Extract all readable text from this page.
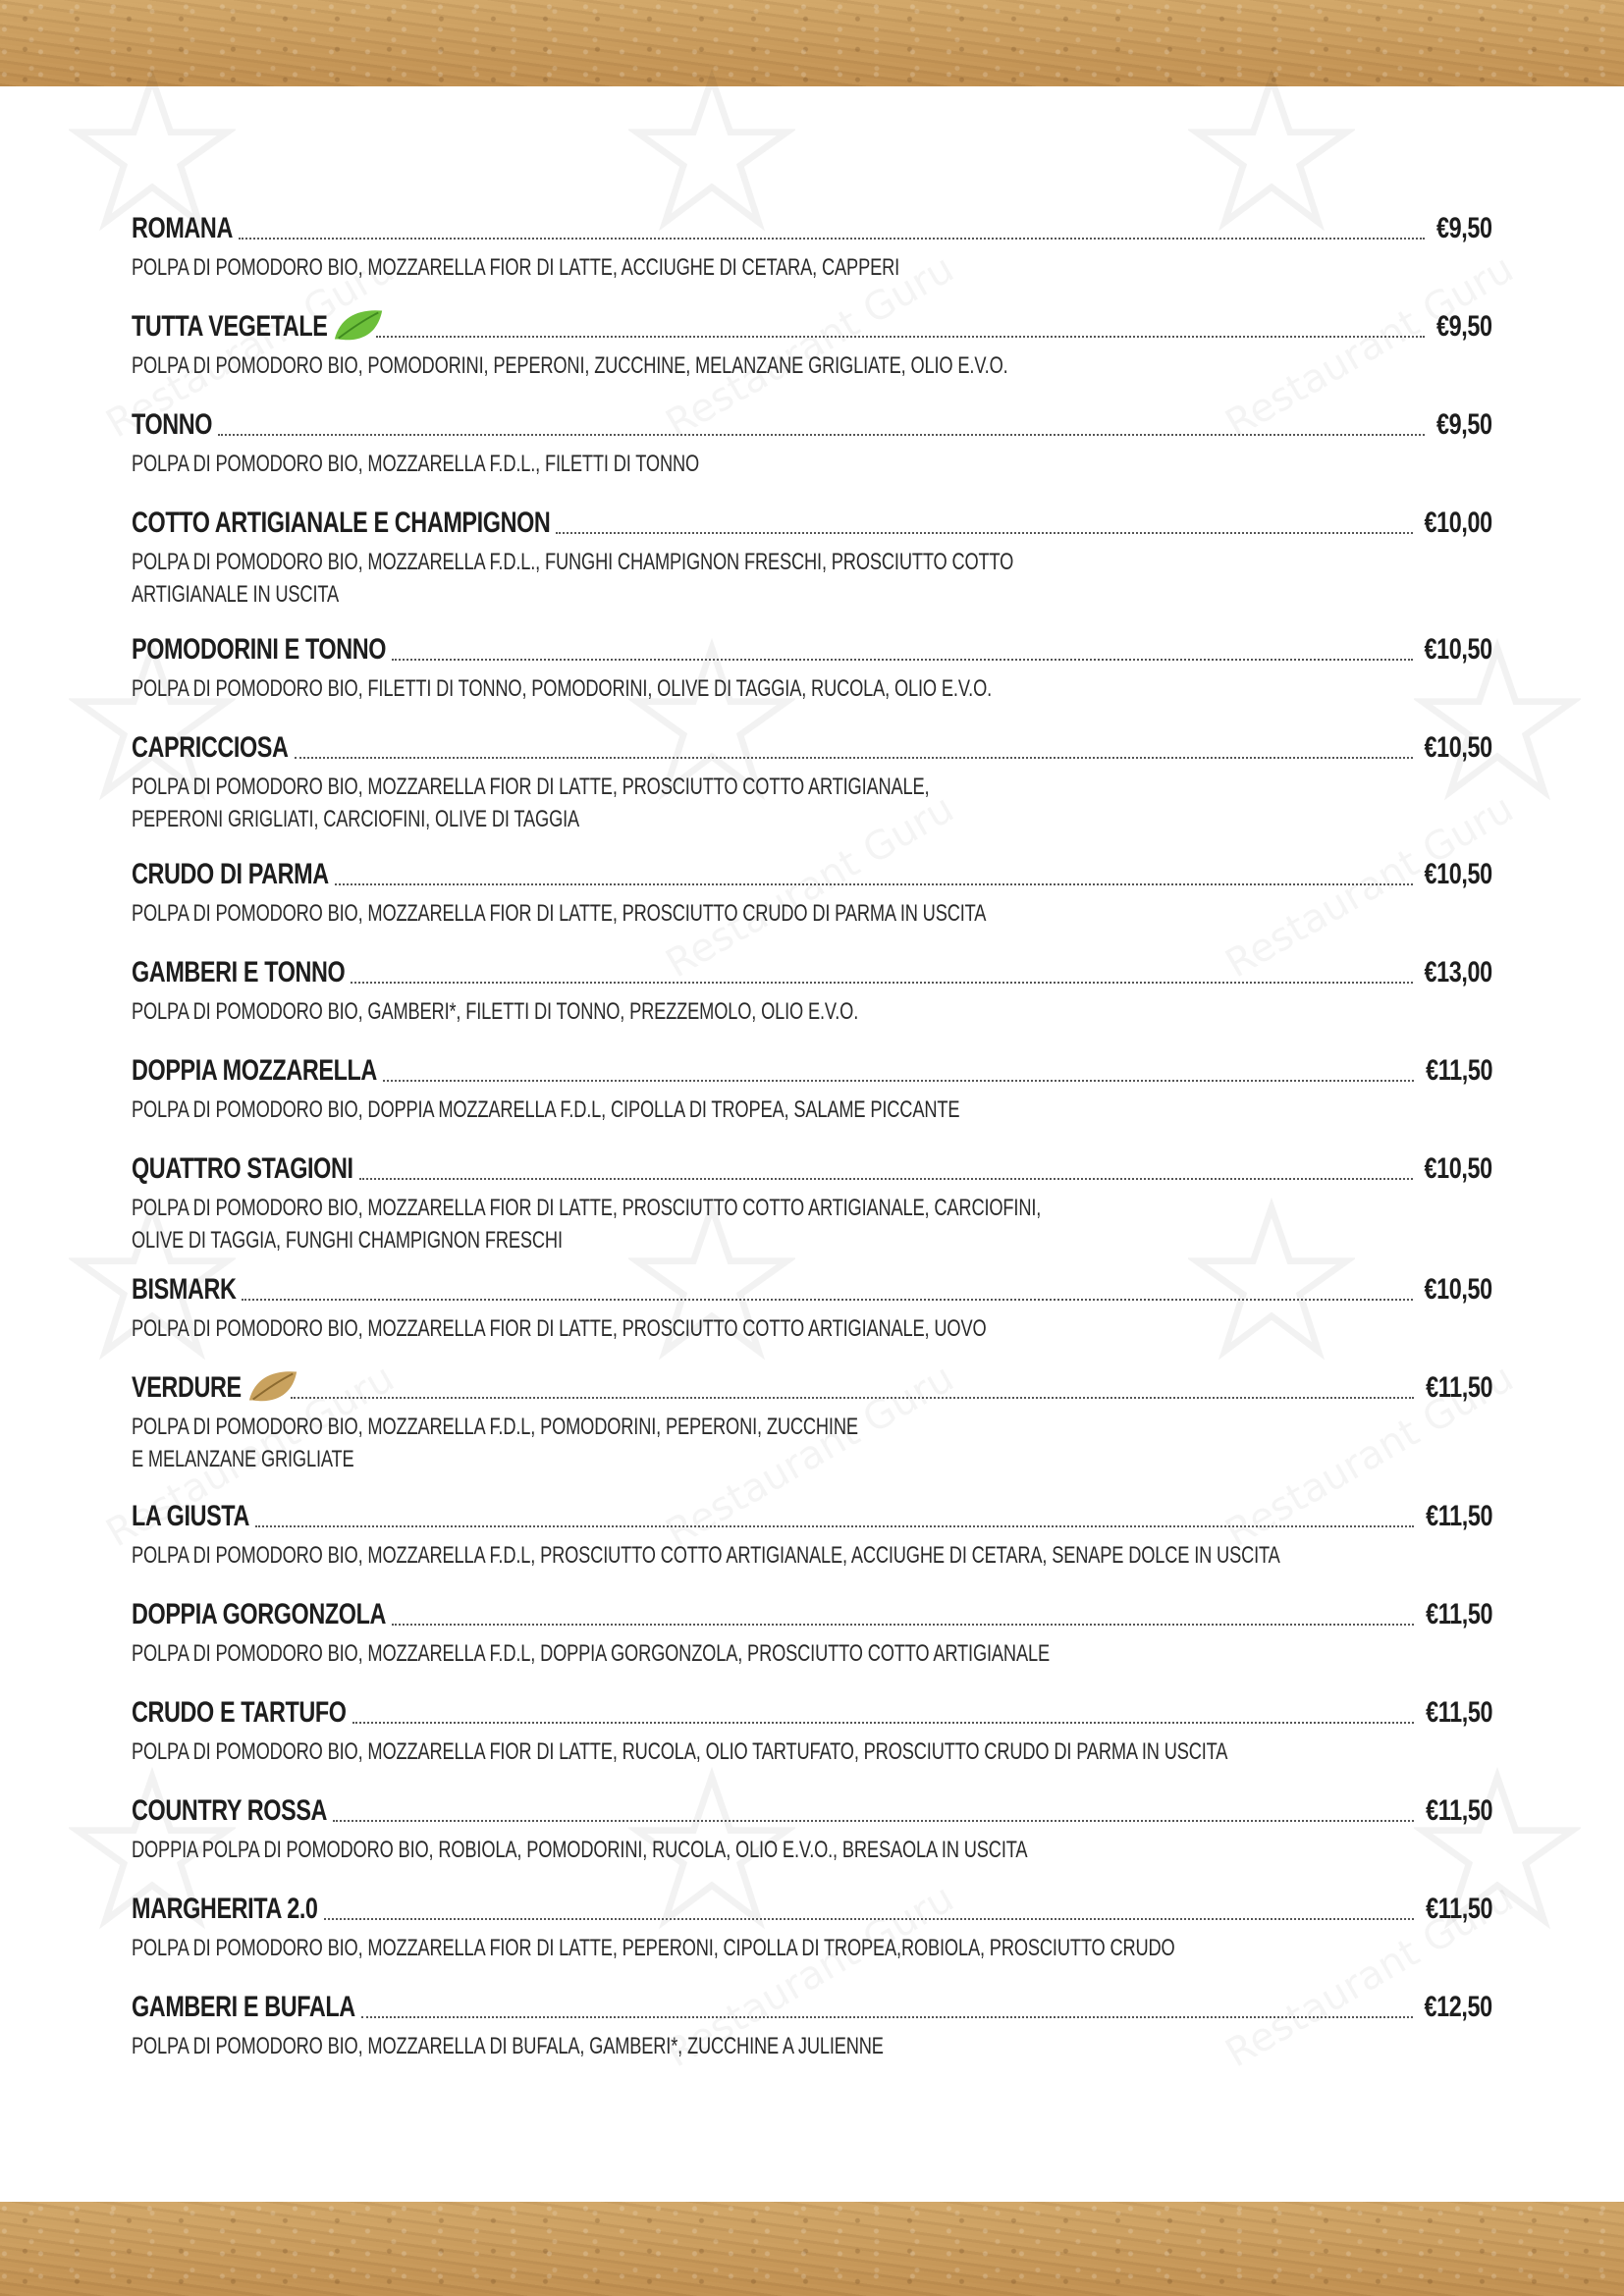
ROMANA	€9,50
POLPA DI POMODORO BIO, MOZZARELLA FIOR DI LATTE, ACCIUGHE DI CETARA, CAPPERI
TUTTA VEGETALE	€9,50
POLPA DI POMODORO BIO, POMODORINI, PEPERONI, ZUCCHINE, MELANZANE GRIGLIATE, OLIO E.V.O.
TONNO	€9,50
POLPA DI POMODORO BIO, MOZZARELLA F.D.L., FILETTI DI TONNO
COTTO ARTIGIANALE E CHAMPIGNON	€10,00
POLPA DI POMODORO BIO, MOZZARELLA F.D.L., FUNGHI CHAMPIGNON FRESCHI, PROSCIUTTO COTTO
ARTIGIANALE IN USCITA
POMODORINI E TONNO	€10,50
POLPA DI POMODORO BIO, FILETTI DI TONNO, POMODORINI, OLIVE DI TAGGIA, RUCOLA, OLIO E.V.O.
CAPRICCIOSA	€10,50
POLPA DI POMODORO BIO, MOZZARELLA FIOR DI LATTE, PROSCIUTTO COTTO ARTIGIANALE,
PEPERONI GRIGLIATI, CARCIOFINI, OLIVE DI TAGGIA
CRUDO DI PARMA	€10,50
POLPA DI POMODORO BIO, MOZZARELLA FIOR DI LATTE, PROSCIUTTO CRUDO DI PARMA IN USCITA
GAMBERI E TONNO	€13,00
POLPA DI POMODORO BIO, GAMBERI*, FILETTI DI TONNO, PREZZEMOLO, OLIO E.V.O.
DOPPIA MOZZARELLA	€11,50
POLPA DI POMODORO BIO, DOPPIA MOZZARELLA F.D.L, CIPOLLA DI TROPEA, SALAME PICCANTE
QUATTRO STAGIONI	€10,50
POLPA DI POMODORO BIO, MOZZARELLA FIOR DI LATTE, PROSCIUTTO COTTO ARTIGIANALE, CARCIOFINI,
OLIVE DI TAGGIA, FUNGHI CHAMPIGNON FRESCHI
BISMARK	€10,50
POLPA DI POMODORO BIO, MOZZARELLA FIOR DI LATTE, PROSCIUTTO COTTO ARTIGIANALE, UOVO
VERDURE	€11,50
POLPA DI POMODORO BIO, MOZZARELLA F.D.L, POMODORINI, PEPERONI, ZUCCHINE
E MELANZANE GRIGLIATE
LA GIUSTA	€11,50
POLPA DI POMODORO BIO, MOZZARELLA F.D.L, PROSCIUTTO COTTO ARTIGIANALE, ACCIUGHE DI CETARA, SENAPE DOLCE IN USCITA
DOPPIA GORGONZOLA	€11,50
POLPA DI POMODORO BIO, MOZZARELLA F.D.L, DOPPIA GORGONZOLA, PROSCIUTTO COTTO ARTIGIANALE
CRUDO E TARTUFO	€11,50
POLPA DI POMODORO BIO, MOZZARELLA FIOR DI LATTE, RUCOLA, OLIO TARTUFATO, PROSCIUTTO CRUDO DI PARMA IN USCITA
COUNTRY ROSSA	€11,50
DOPPIA POLPA DI POMODORO BIO, ROBIOLA, POMODORINI, RUCOLA, OLIO E.V.O., BRESAOLA IN USCITA
MARGHERITA 2.0	€11,50
POLPA DI POMODORO BIO, MOZZARELLA FIOR DI LATTE, PEPERONI, CIPOLLA DI TROPEA,ROBIOLA, PROSCIUTTO CRUDO
GAMBERI E BUFALA	€12,50
POLPA DI POMODORO BIO, MOZZARELLA DI BUFALA, GAMBERI*, ZUCCHINE A JULIENNE
